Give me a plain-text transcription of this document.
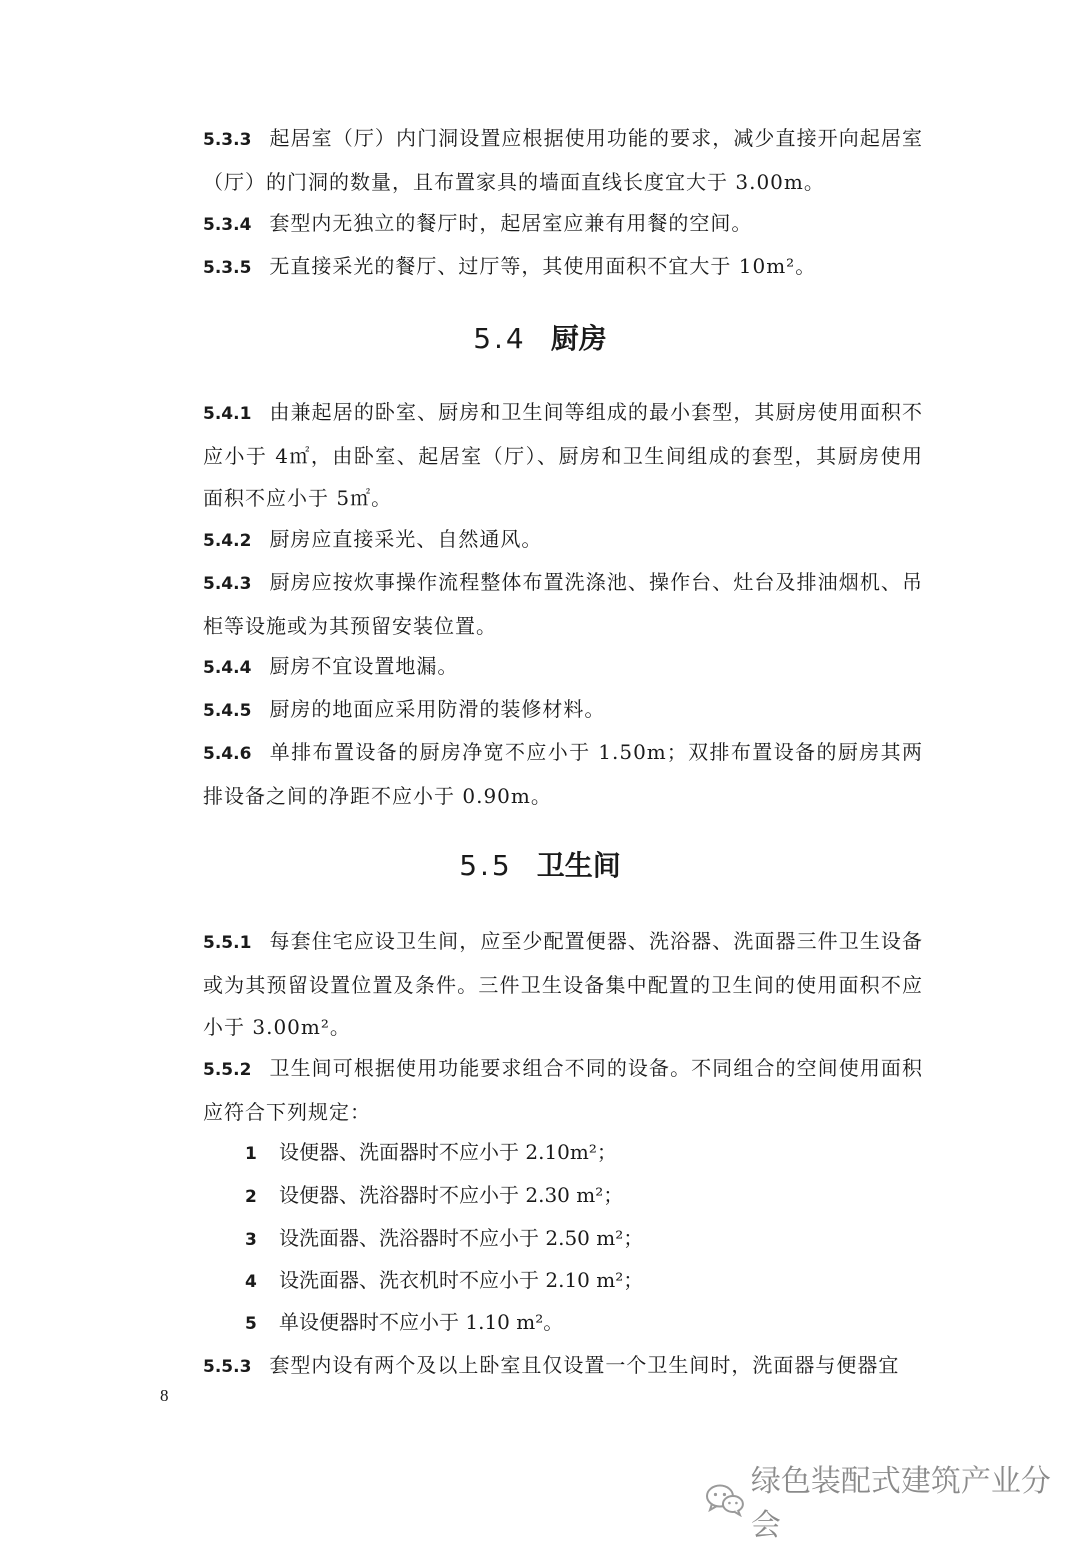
5.3.3 起居室（厅）内门洞设置应根据使用功能的要求，减少直接开向起居室（厅）的门洞的数量，且布置家具的墙面直线长度宜大于 3.00m。
5.3.4 套型内无独立的餐厅时，起居室应兼有用餐的空间。
5.3.5 无直接采光的餐厅、过厅等，其使用面积不宜大于 10m²。
5.4 厨房
5.4.1 由兼起居的卧室、厨房和卫生间等组成的最小套型，其厨房使用面积不应小于 4㎡，由卧室、起居室（厅）、厨房和卫生间组成的套型，其厨房使用面积不应小于 5㎡。
5.4.2 厨房应直接采光、自然通风。
5.4.3 厨房应按炊事操作流程整体布置洗涤池、操作台、灶台及排油烟机、吊柜等设施或为其预留安装位置。
5.4.4 厨房不宜设置地漏。
5.4.5 厨房的地面应采用防滑的装修材料。
5.4.6 单排布置设备的厨房净宽不应小于 1.50m；双排布置设备的厨房其两排设备之间的净距不应小于 0.90m。
5.5 卫生间
5.5.1 每套住宅应设卫生间，应至少配置便器、洗浴器、洗面器三件卫生设备或为其预留设置位置及条件。三件卫生设备集中配置的卫生间的使用面积不应小于 3.00m²。
5.5.2 卫生间可根据使用功能要求组合不同的设备。不同组合的空间使用面积应符合下列规定：
1 设便器、洗面器时不应小于 2.10m²；
2 设便器、洗浴器时不应小于 2.30 m²；
3 设洗面器、洗浴器时不应小于 2.50 m²；
4 设洗面器、洗衣机时不应小于 2.10 m²；
5 单设便器时不应小于 1.10 m²。
5.5.3 套型内设有两个及以上卧室且仅设置一个卫生间时，洗面器与便器宜
8
绿色装配式建筑产业分会
